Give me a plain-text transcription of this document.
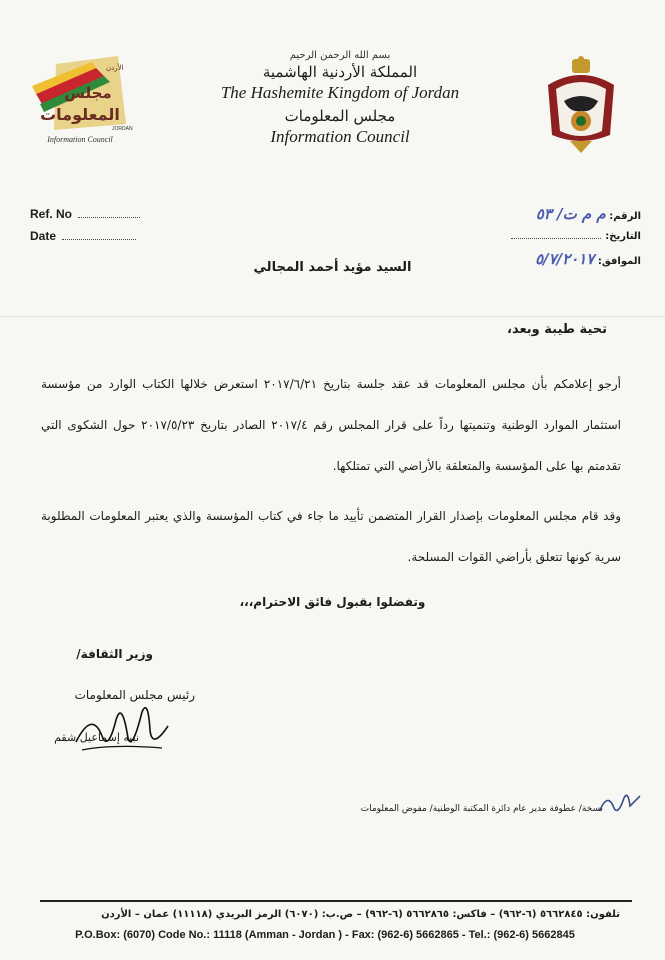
الأردن
مجلس
المعلومات
JORDAN
Information Council
بسم الله الرحمن الرحيم
المملكة الأردنية الهاشمية
The Hashemite Kingdom of Jordan
مجلس المعلومات
Information Council
Ref. No
Date
الرقم: م م ت/ ٥٣
التاريخ:
الموافق: ٥/٧/٢٠١٧
السيد مؤيد أحمد المجالي
تحية طيبة وبعد،
أرجو إعلامكم بأن مجلس المعلومات قد عقد جلسة بتاريخ ٢٠١٧/٦/٢١ استعرض خلالها الكتاب الوارد من مؤسسة استثمار الموارد الوطنية وتنميتها رداً على قرار المجلس رقم ٢٠١٧/٤ الصادر بتاريخ ٢٠١٧/٥/٢٣ حول الشكوى التي تقدمتم بها على المؤسسة والمتعلقة بالأراضي التي تمتلكها.
وقد قام مجلس المعلومات بإصدار القرار المتضمن تأييد ما جاء في كتاب المؤسسة والذي يعتبر المعلومات المطلوبة سرية كونها تتعلق بأراضي القوات المسلحة.
وتفضلوا بقبول فائق الاحترام،،،
وزير الثقافة/
رئيس مجلس المعلومات
نبيه إسماعيل شقم
نسخة/ عطوفة مدير عام دائرة المكتبة الوطنية/ مفوض المعلومات
تلفون: ٥٦٦٢٨٤٥ (٦-٩٦٢) – فاكس: ٥٦٦٢٨٦٥ (٦-٩٦٢) – ص.ب: (٦٠٧٠) الرمز البريدي (١١١١٨) عمان – الأردن
P.O.Box: (6070) Code No.: 11118 (Amman - Jordan ) - Fax: (962-6) 5662865 - Tel.: (962-6) 5662845
